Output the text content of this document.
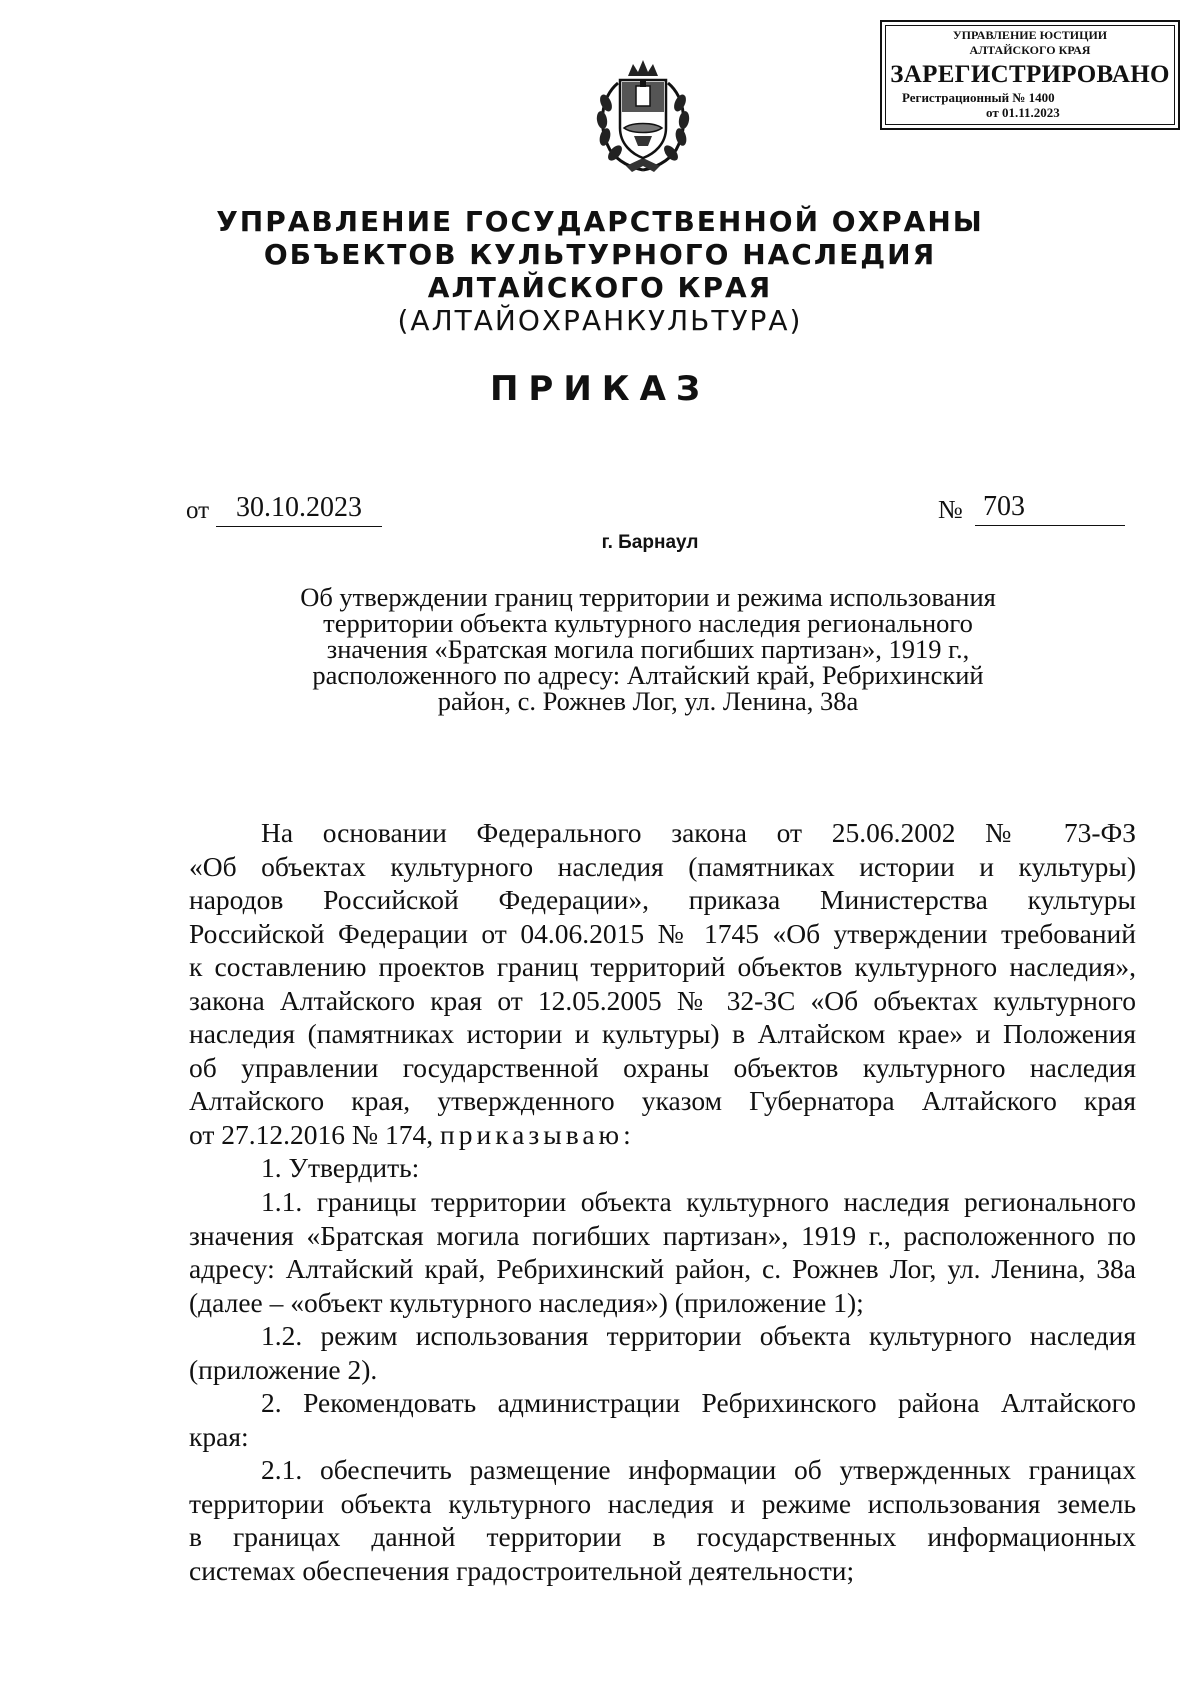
УПРАВЛЕНИЕ ЮСТИЦИИ
АЛТАЙСКОГО КРАЯ
ЗАРЕГИСТРИРОВАНО
Регистрационный № 1400
от 01.11.2023
УПРАВЛЕНИЕ ГОСУДАРСТВЕННОЙ ОХРАНЫ
ОБЪЕКТОВ КУЛЬТУРНОГО НАСЛЕДИЯ
АЛТАЙСКОГО КРАЯ
(АЛТАЙОХРАНКУЛЬТУРА)
ПРИКАЗ
от 30.10.2023	№ 703
г. Барнаул
Об утверждении границ территории и режима использования
территории объекта культурного наследия регионального
значения «Братская могила погибших партизан», 1919 г.,
расположенного по адресу: Алтайский край, Ребрихинский
район, с. Рожнев Лог, ул. Ленина, 38а
На основании Федерального закона от 25.06.2002 № 73-ФЗ
«Об объектах культурного наследия (памятниках истории и культуры)
народов Российской Федерации», приказа Министерства культуры
Российской Федерации от 04.06.2015 № 1745 «Об утверждении требований
к составлению проектов границ территорий объектов культурного наследия»,
закона Алтайского края от 12.05.2005 № 32-ЗС «Об объектах культурного
наследия (памятниках истории и культуры) в Алтайском крае» и Положения
об управлении государственной охраны объектов культурного наследия
Алтайского края, утвержденного указом Губернатора Алтайского края
от 27.12.2016 № 174, приказываю:
1. Утвердить:
1.1. границы территории объекта культурного наследия регионального
значения «Братская могила погибших партизан», 1919 г., расположенного по
адресу: Алтайский край, Ребрихинский район, с. Рожнев Лог, ул. Ленина, 38а
(далее – «объект культурного наследия») (приложение 1);
1.2. режим использования территории объекта культурного наследия
(приложение 2).
2. Рекомендовать администрации Ребрихинского района Алтайского
края:
2.1. обеспечить размещение информации об утвержденных границах
территории объекта культурного наследия и режиме использования земель
в границах данной территории в государственных информационных
системах обеспечения градостроительной деятельности;
